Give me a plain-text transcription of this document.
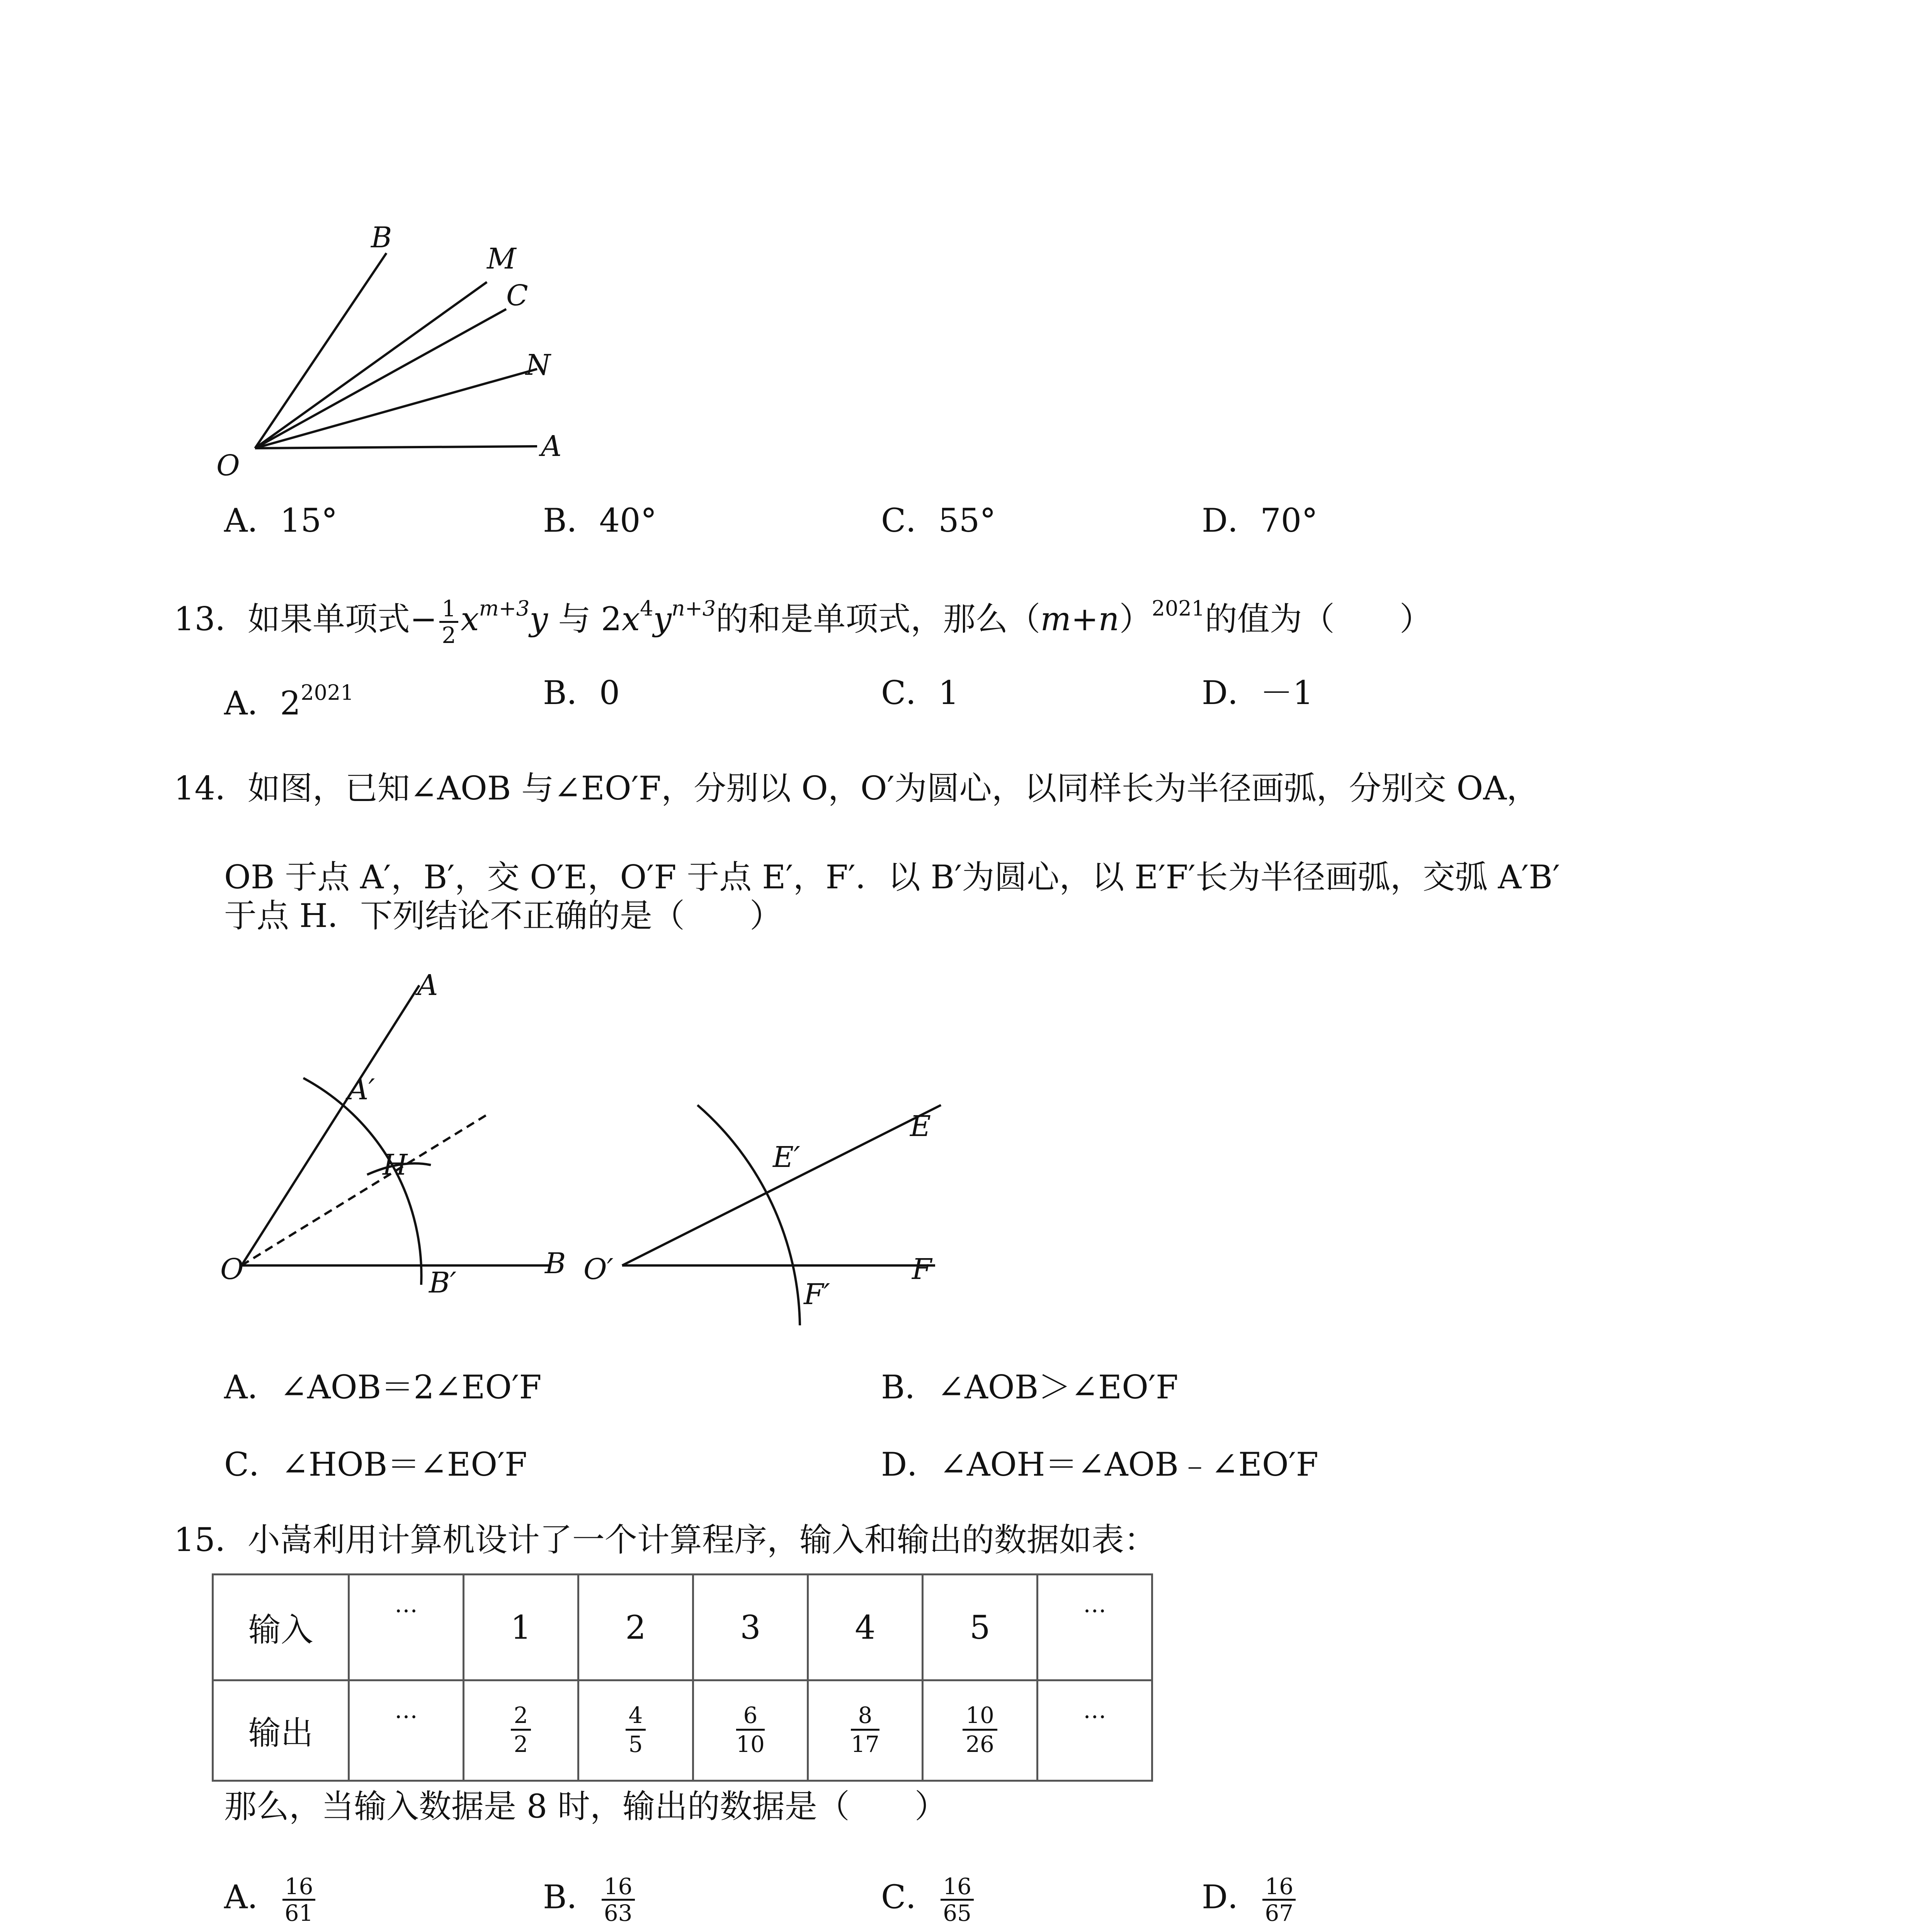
B
M
C
N
O
A
A．15°	B．40°	C．55°	D．70°
13．如果单项式− $\frac{1}{2} x^{m+3}y$ 与 $2x^4y^{n+3}$的和是单项式，那么$(m+n)^{2021}$的值为（　　）
A．$2^{2021}$	B．0	C．1	D．－1
14．如图，已知∠AOB 与∠EO′F，分别以 O，O′为圆心，以同样长为半径画弧，分别交 OA，
OB 于点 A′，B′，交 O′E，O′F 于点 E′，F′．以 B′为圆心，以 E′F′长为半径画弧，交弧 A′B′
于点 H．下列结论不正确的是（　　）
A
A′
H
O	B′
B O′
E′
E
F′
F
A．∠AOB＝2∠EO′F	B．∠AOB＞∠EO′F
C．∠HOB＝∠EO′F	D．∠AOH＝∠AOB﹣∠EO′F
15．小嵩利用计算机设计了一个计算程序，输入和输出的数据如表：
输入	…	1	2	3	4	5	…
输出	…	$\frac{2}{2}$	$\frac{4}{5}$	$\frac{6}{10}$	$\frac{8}{17}$	$\frac{10}{26}$	…
那么，当输入数据是 8 时，输出的数据是（　　）
A． $\frac{16}{61}$	B． $\frac{16}{63}$	C． $\frac{16}{65}$	D． $\frac{16}{67}$
